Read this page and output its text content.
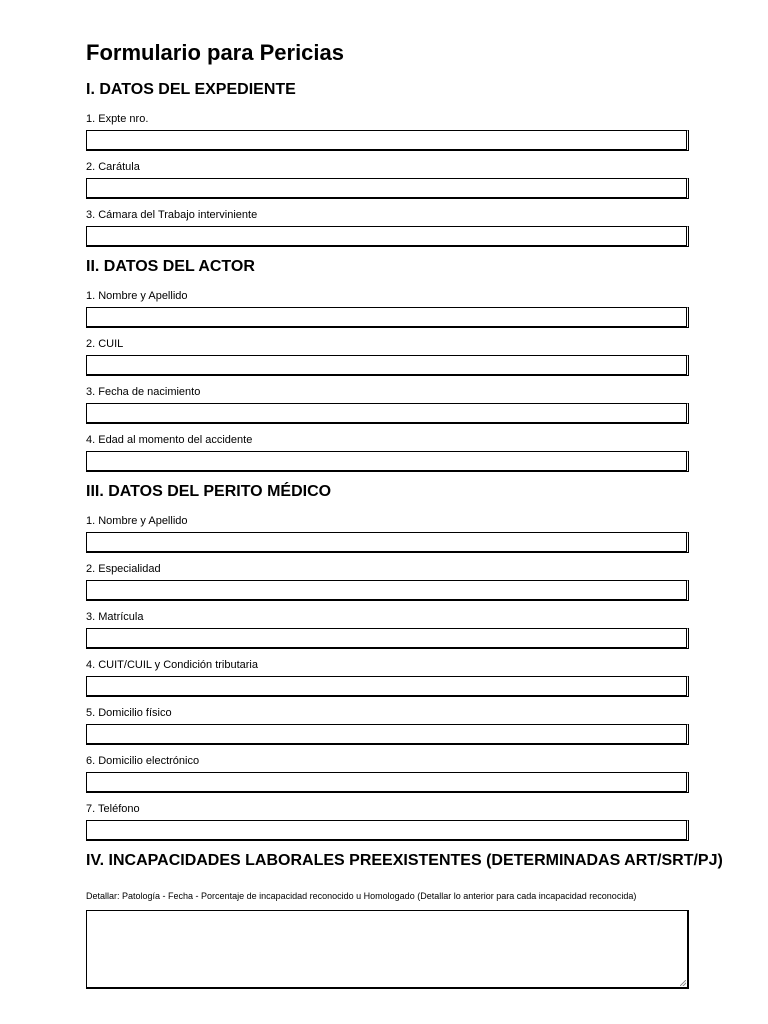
Formulario para Pericias
I. DATOS DEL EXPEDIENTE

1. Expte nro.

2. Carátula

3. Cámara del Trabajo interviniente

II. DATOS DEL ACTOR

1. Nombre y Apellido

2. CUIL

3. Fecha de nacimiento

4. Edad al momento del accidente

III. DATOS DEL PERITO MÉDICO

1. Nombre y Apellido

2. Especialidad

3. Matrícula

4. CUIT/CUIL y Condición tributaria

5. Domicilio físico

6. Domicilio electrónico

7. Teléfono

IV. INCAPACIDADES LABORALES PREEXISTENTES (DETERMINADAS ART/SRT/PJ)

Detallar: Patología - Fecha - Porcentaje de incapacidad reconocido u Homologado (Detallar lo anterior para cada incapacidad reconocida)
